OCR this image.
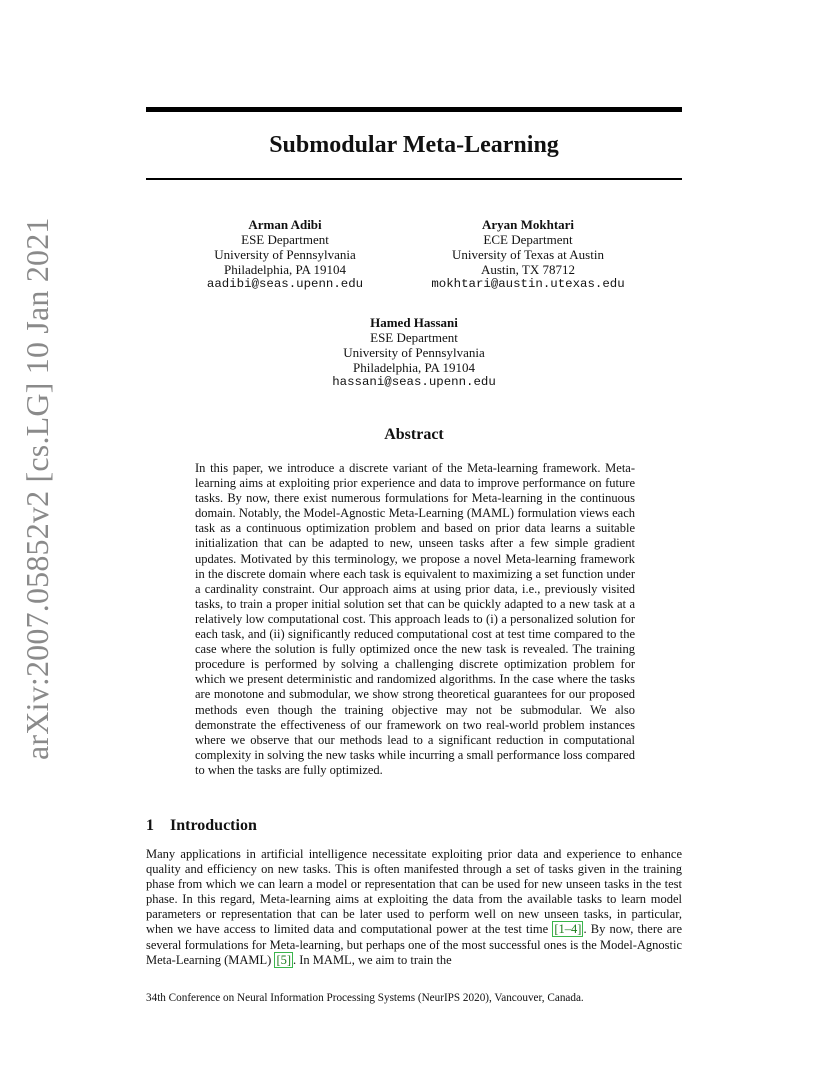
arXiv:2007.05852v2 [cs.LG] 10 Jan 2021
Submodular Meta-Learning
Arman Adibi
ESE Department
University of Pennsylvania
Philadelphia, PA 19104
aadibi@seas.upenn.edu
Aryan Mokhtari
ECE Department
University of Texas at Austin
Austin, TX 78712
mokhtari@austin.utexas.edu
Hamed Hassani
ESE Department
University of Pennsylvania
Philadelphia, PA 19104
hassani@seas.upenn.edu
Abstract

In this paper, we introduce a discrete variant of the Meta-learning framework. Meta-learning aims at exploiting prior experience and data to improve performance on future tasks. By now, there exist numerous formulations for Meta-learning in the continuous domain. Notably, the Model-Agnostic Meta-Learning (MAML) formulation views each task as a continuous optimization problem and based on prior data learns a suitable initialization that can be adapted to new, unseen tasks after a few simple gradient updates. Motivated by this terminology, we propose a novel Meta-learning framework in the discrete domain where each task is equivalent to maximizing a set function under a cardinality constraint. Our approach aims at using prior data, i.e., previously visited tasks, to train a proper initial solution set that can be quickly adapted to a new task at a relatively low computational cost. This approach leads to (i) a personalized solution for each task, and (ii) significantly reduced computational cost at test time compared to the case where the solution is fully optimized once the new task is revealed. The training procedure is performed by solving a challenging discrete optimization problem for which we present deterministic and randomized algorithms. In the case where the tasks are monotone and submodular, we show strong theoretical guarantees for our proposed methods even though the training objective may not be submodular. We also demonstrate the effectiveness of our framework on two real-world problem instances where we observe that our methods lead to a significant reduction in computational complexity in solving the new tasks while incurring a small performance loss compared to when the tasks are fully optimized.

1 Introduction

Many applications in artificial intelligence necessitate exploiting prior data and experience to enhance quality and efficiency on new tasks. This is often manifested through a set of tasks given in the training phase from which we can learn a model or representation that can be used for new unseen tasks in the test phase. In this regard, Meta-learning aims at exploiting the data from the available tasks to learn model parameters or representation that can be later used to perform well on new unseen tasks, in particular, when we have access to limited data and computational power at the test time [1–4] . By now, there are several formulations for Meta-learning, but perhaps one of the most successful ones is the Model-Agnostic Meta-Learning (MAML) [5] . In MAML, we aim to train the

34th Conference on Neural Information Processing Systems (NeurIPS 2020), Vancouver, Canada.
